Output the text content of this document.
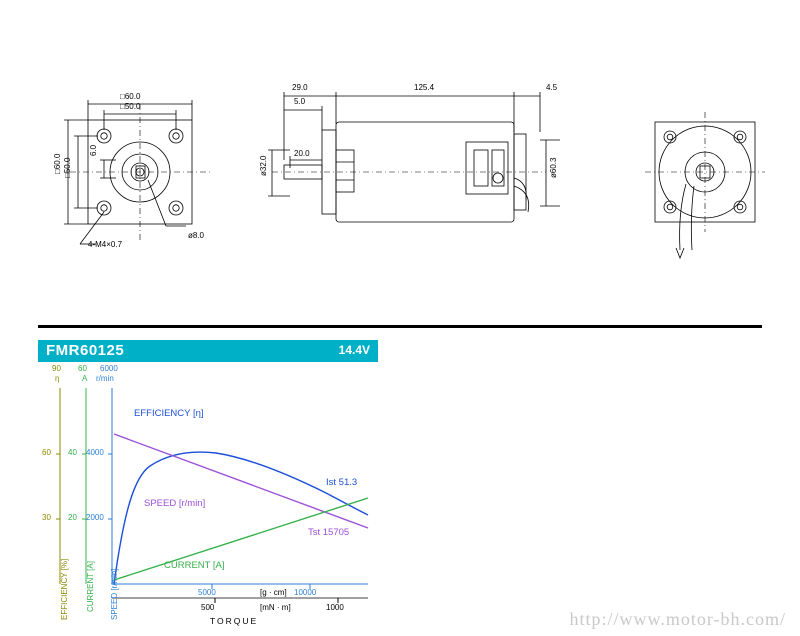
□60.0
□50.0
□60.0 □50.0
6.0
ø8.0
4-M4×0.7
29.0
5.0
125.4	4.5
ø32.0
20.0
ø60.3
FMR60125	14.4V
90 60 6000
η	A r/min
60 40 4000
30 20 2000
EFFICIENCY [%] CURRENT [A] SPEED [r/min]	5000	10000
[g · cm]
500	1000
[mN · m]
TORQUE
EFFICIENCY [η]
SPEED [r/min]
CURRENT [A]
Ist 51.3
Tst 15705
http://www.motor-bh.com/
